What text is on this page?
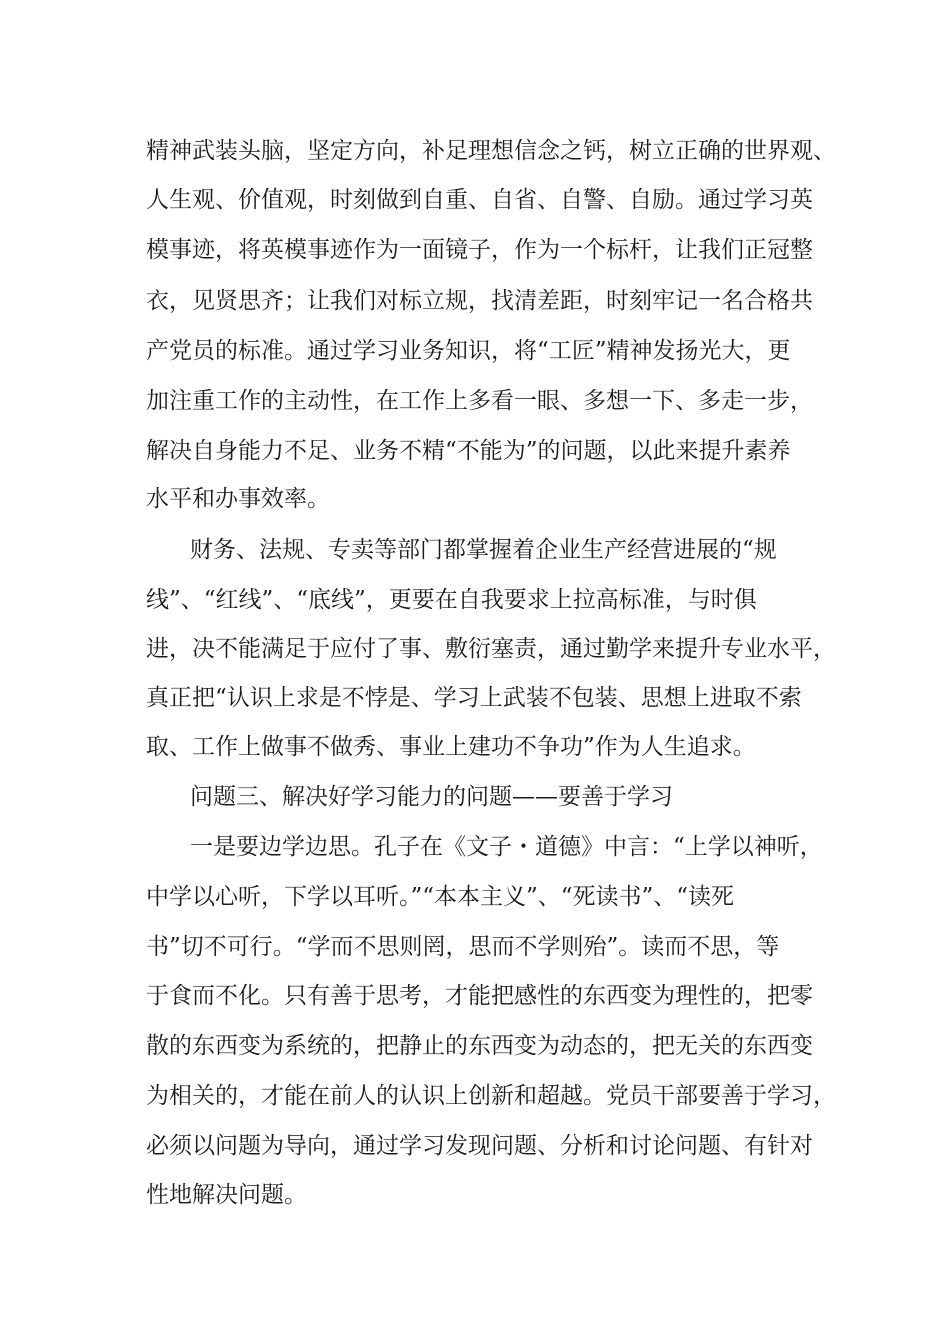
精神武装头脑，坚定方向，补足理想信念之钙，树立正确的世界观、

人生观、价值观，时刻做到自重、自省、自警、自励。通过学习英

模事迹，将英模事迹作为一面镜子，作为一个标杆，让我们正冠整

衣，见贤思齐；让我们对标立规，找清差距，时刻牢记一名合格共

产党员的标准。通过学习业务知识，将“工匠”精神发扬光大，更

加注重工作的主动性，在工作上多看一眼、多想一下、多走一步，

解决自身能力不足、业务不精“不能为”的问题，以此来提升素养

水平和办事效率。

财务、法规、专卖等部门都掌握着企业生产经营进展的“规

线”、“红线”、“底线”，更要在自我要求上拉高标准，与时俱

进，决不能满足于应付了事、敷衍塞责，通过勤学来提升专业水平，

真正把“认识上求是不悖是、学习上武装不包装、思想上进取不索

取、工作上做事不做秀、事业上建功不争功”作为人生追求。

问题三、解决好学习能力的问题——要善于学习

一是要边学边思。孔子在《文子・道德》中言：“上学以神听，

中学以心听，下学以耳听。”“本本主义”、“死读书”、“读死

书”切不可行。“学而不思则罔，思而不学则殆”。读而不思，等

于食而不化。只有善于思考，才能把感性的东西变为理性的，把零

散的东西变为系统的，把静止的东西变为动态的，把无关的东西变

为相关的，才能在前人的认识上创新和超越。党员干部要善于学习，

必须以问题为导向，通过学习发现问题、分析和讨论问题、有针对

性地解决问题。
